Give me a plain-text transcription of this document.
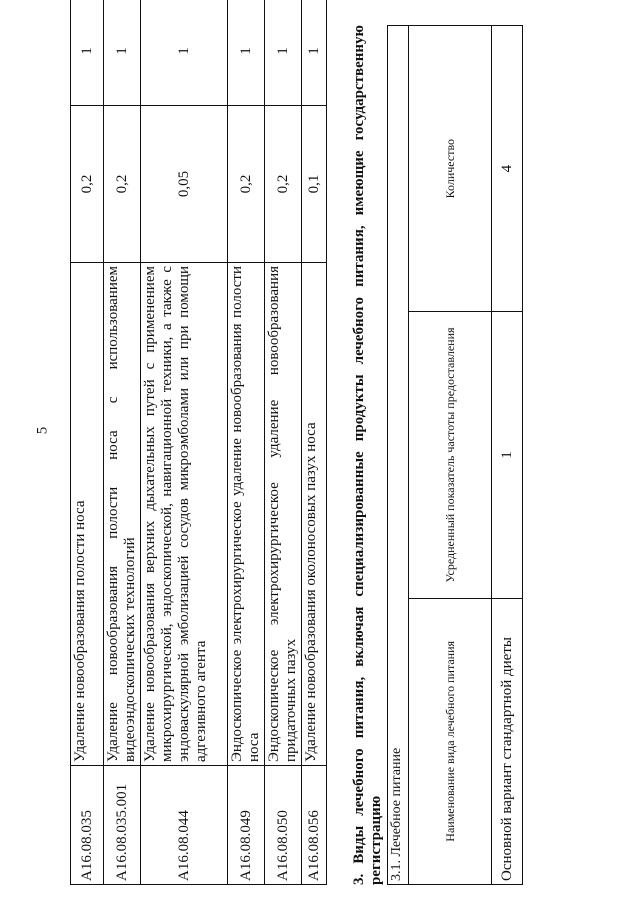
5
A16.08.035	Удаление новообразования полости носа	0,2	1
A16.08.035.001	Удаление новообразования полости носа с использованием видеоэндоскопических технологий	0,2	1
A16.08.044	Удаление новообразования верхних дыхательных путей с применением микрохирургической, эндоскопической, навигационной техники, а также с эндоваскулярной эмболизацией сосудов микроэмболами или при помощи адгезивного агента	0,05	1
A16.08.049	Эндоскопическое электрохирургическое удаление новообразования полости носа	0,2	1
A16.08.050	Эндоскопическое электрохирургическое удаление новообразования придаточных пазух	0,2	1
A16.08.056	Удаление новообразования околоносовых пазух носа	0,1	1 3. Виды лечебного питания, включая специализированные продукты лечебного питания, имеющие государственную регистрацию 3.1. Лечебное питание		
Наименование вида лечебного питания	Усредненный показатель частоты предоставления	Количество
Основной вариант стандартной диеты	1	4
